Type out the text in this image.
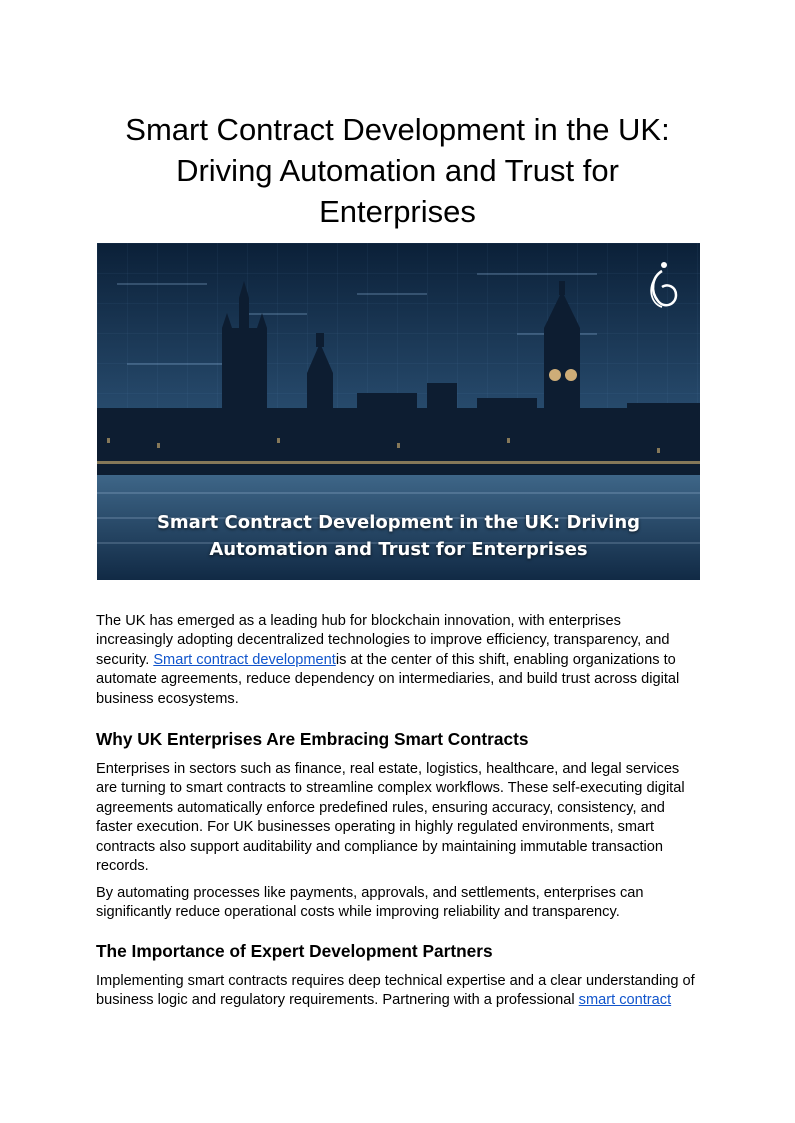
Smart Contract Development in the UK:
Driving Automation and Trust for
Enterprises
Smart Contract Development in the UK: Driving
Automation and Trust for Enterprises

The UK has emerged as a leading hub for blockchain innovation, with enterprises increasingly adopting decentralized technologies to improve efficiency, transparency, and security. Smart contract developmentis at the center of this shift, enabling organizations to automate agreements, reduce dependency on intermediaries, and build trust across digital business ecosystems.

Why UK Enterprises Are Embracing Smart Contracts

Enterprises in sectors such as finance, real estate, logistics, healthcare, and legal services are turning to smart contracts to streamline complex workflows. These self-executing digital agreements automatically enforce predefined rules, ensuring accuracy, consistency, and faster execution. For UK businesses operating in highly regulated environments, smart contracts also support auditability and compliance by maintaining immutable transaction records.

By automating processes like payments, approvals, and settlements, enterprises can significantly reduce operational costs while improving reliability and transparency.

The Importance of Expert Development Partners

Implementing smart contracts requires deep technical expertise and a clear understanding of business logic and regulatory requirements. Partnering with a professional smart contract
